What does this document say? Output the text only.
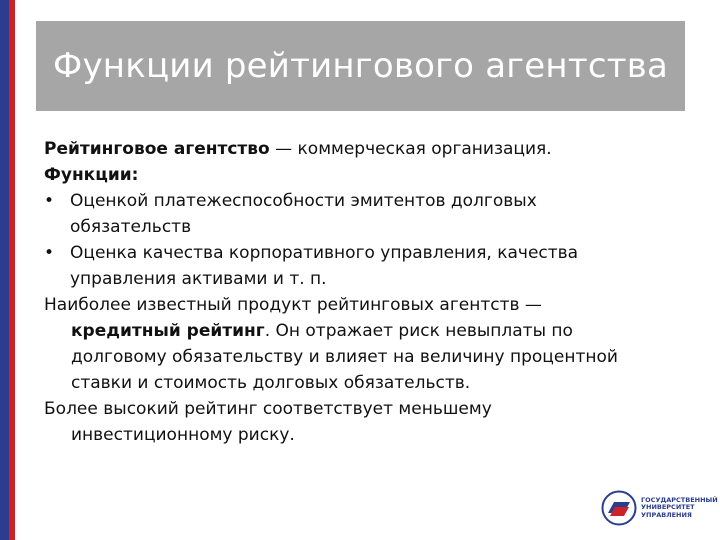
Функции рейтингового агентства
Рейтинговое агентство — коммерческая организация.
Функции:
• Оценкой платежеспособности эмитентов долговых
обязательств
• Оценка качества корпоративного управления, качества
управления активами и т. п.
Наиболее известный продукт рейтинговых агентств —
кредитный рейтинг. Он отражает риск невыплаты по
долговому обязательству и влияет на величину процентной
ставки и стоимость долговых обязательств.
Более высокий рейтинг соответствует меньшему
инвестиционному риску.
ГОСУДАРСТВЕННЫЙ
УНИВЕРСИТЕТ
УПРАВЛЕНИЯ
